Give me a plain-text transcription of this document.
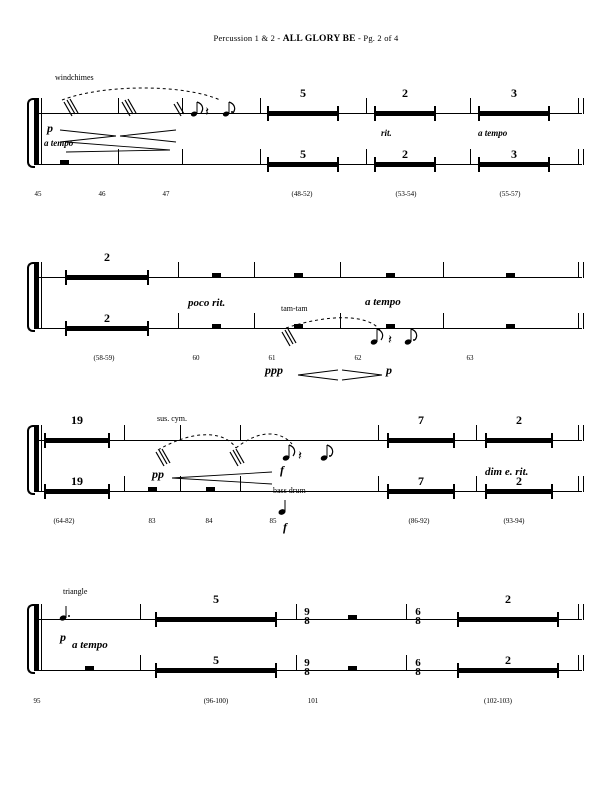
Percussion 1 & 2 - ALL GLORY BE - Pg. 2 of 4
windchimes
𝄽
p
a tempo
rit.	a tempo
5	2	3
5	2	3
45	46	47	(48-52)	(53-54)	(55-57)
2
2
poco rit.	a tempo
tam-tam
𝄽
ppp	p
(58-59)	60	61	62	63
19
19
7
7
2
2
sus. cym.
𝄽
pp	f
bass drum
f
dim e. rit.
(64-82)	83	84	85	(86-92)	(93-94)
triangle
p
a tempo
5
5
2
2
9
8
9
8
6
8
6
8
95	(96-100)	101	(102-103)
